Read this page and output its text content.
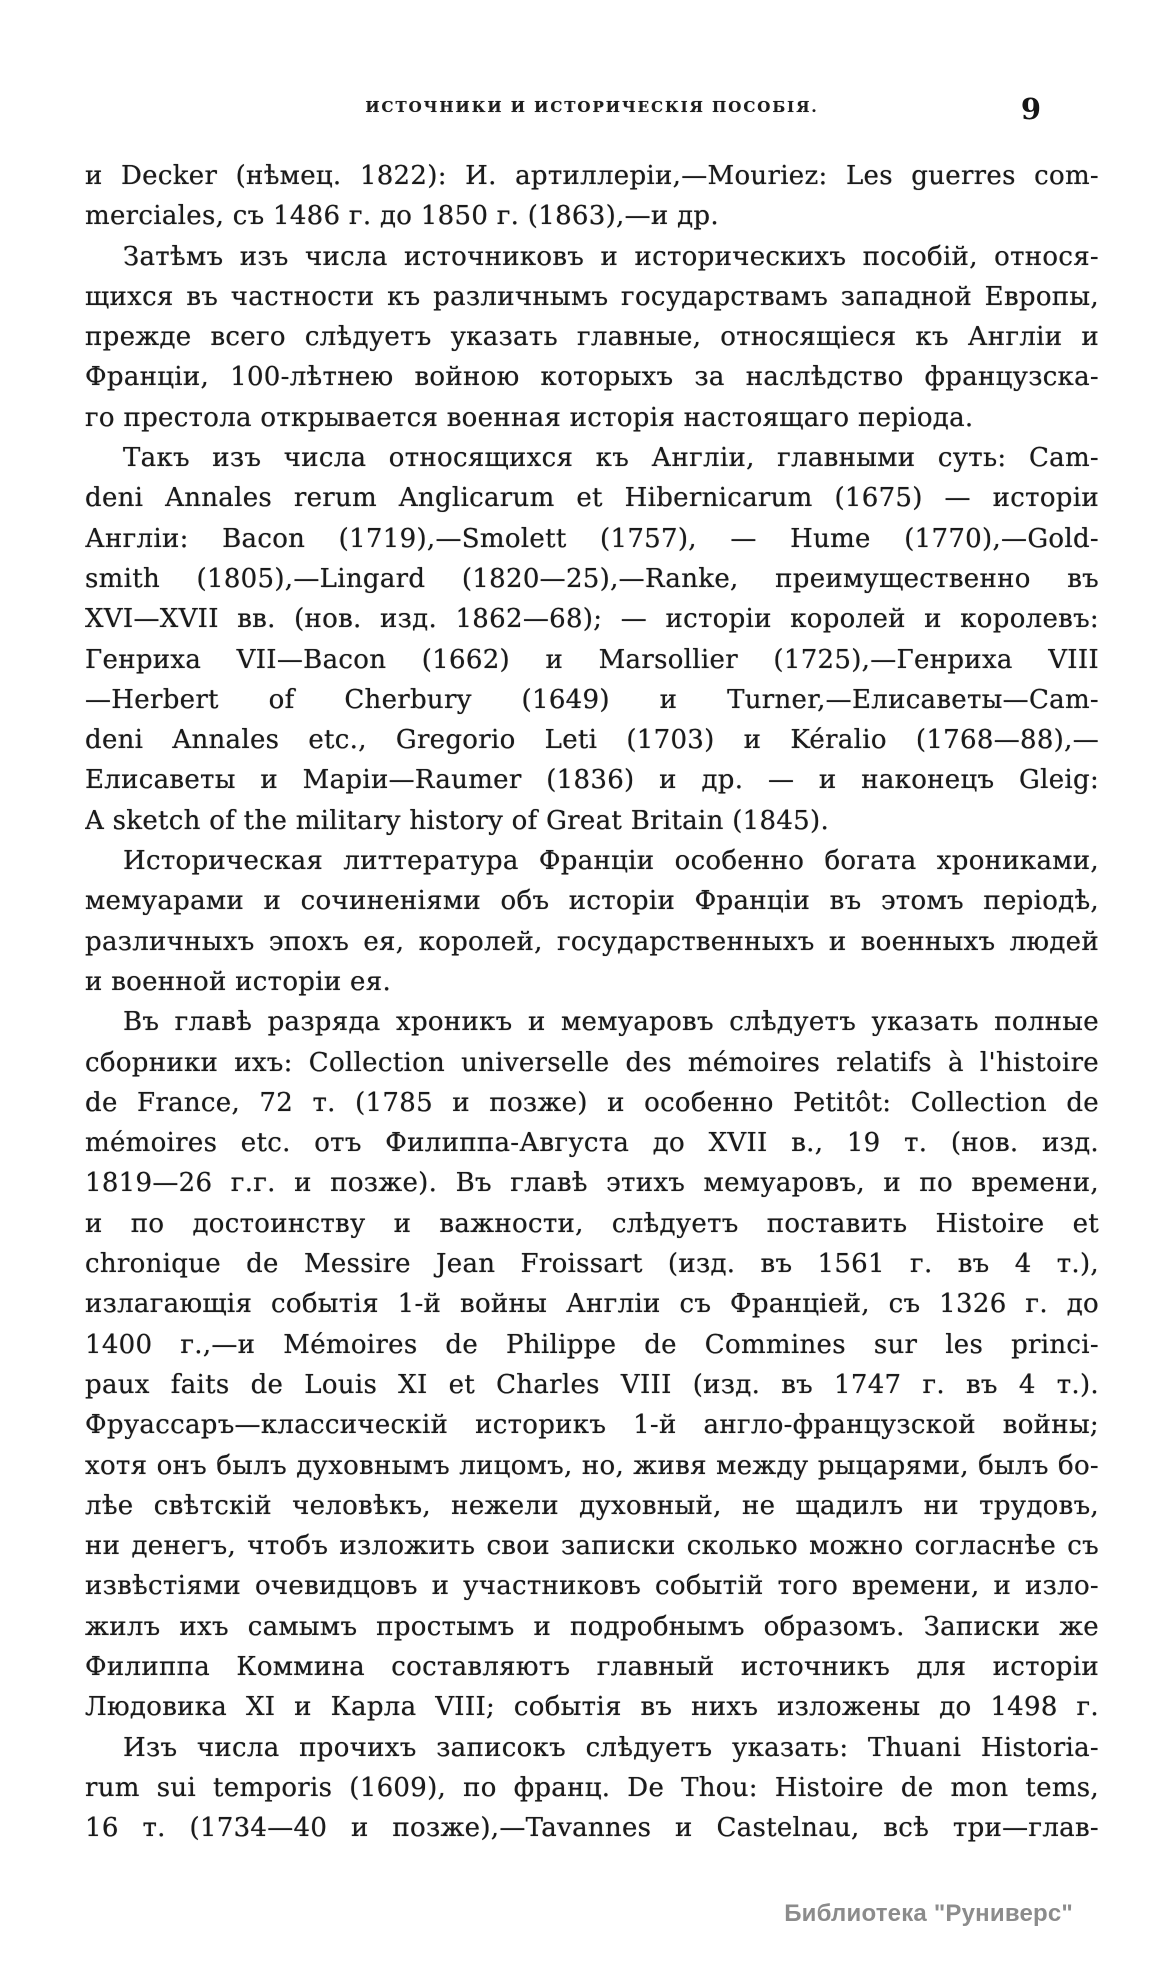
ИСТОЧНИКИ И ИСТОРИЧЕСКІЯ ПОСОБІЯ.	9
и Decker (нѣмец. 1822): И. артиллеріи,—Mouriez: Les guerres com-
merciales, съ 1486 г. до 1850 г. (1863),—и др.
Затѣмъ изъ числа источниковъ и историческихъ пособій, относя-
щихся въ частности къ различнымъ государствамъ западной Европы,
прежде всего слѣдуетъ указать главные, относящіеся къ Англіи и
Франціи, 100-лѣтнею войною которыхъ за наслѣдство французска-
го престола открывается военная исторія настоящаго періода.
Такъ изъ числа относящихся къ Англіи, главными суть: Cam-
deni Annales rerum Anglicarum et Hibernicarum (1675) — исторіи
Англіи: Bacon (1719),—Smolett (1757), — Hume (1770),—Gold-
smith (1805),—Lingard (1820—25),—Ranke, преимущественно въ
XVI—XVII вв. (нов. изд. 1862—68); — исторіи королей и королевъ:
Генриха VII—Bacon (1662) и Marsollier (1725),—Генриха VIII
—Herbert of Cherbury (1649) и Turner,—Елисаветы—Cam-
deni Annales etc., Gregorio Leti (1703) и Kéralio (1768—88),—
Елисаветы и Маріи—Raumer (1836) и др. — и наконецъ Gleig:
A sketch of the military history of Great Britain (1845).
Историческая литтература Франціи особенно богата хрониками,
мемуарами и сочиненіями объ исторіи Франціи въ этомъ періодѣ,
различныхъ эпохъ ея, королей, государственныхъ и военныхъ людей
и военной исторіи ея.
Въ главѣ разряда хроникъ и мемуаровъ слѣдуетъ указать полные
сборники ихъ: Collection universelle des mémoires relatifs à l'histoire
de France, 72 т. (1785 и позже) и особенно Petitôt: Collection de
mémoires etc. отъ Филиппа-Августа до XVII в., 19 т. (нов. изд.
1819—26 г.г. и позже). Въ главѣ этихъ мемуаровъ, и по времени,
и по достоинству и важности, слѣдуетъ поставить Histoire et
chronique de Messire Jean Froissart (изд. въ 1561 г. въ 4 т.),
излагающія событія 1-й войны Англіи съ Франціей, съ 1326 г. до
1400 г.,—и Mémoires de Philippe de Commines sur les princi-
paux faits de Louis XI et Charles VIII (изд. въ 1747 г. въ 4 т.).
Фруассаръ—классическій историкъ 1-й англо-французской войны;
хотя онъ былъ духовнымъ лицомъ, но, живя между рыцарями, былъ бо-
лѣе свѣтскій человѣкъ, нежели духовный, не щадилъ ни трудовъ,
ни денегъ, чтобъ изложить свои записки сколько можно согласнѣе съ
извѣстіями очевидцовъ и участниковъ событій того времени, и изло-
жилъ ихъ самымъ простымъ и подробнымъ образомъ. Записки же
Филиппа Коммина составляютъ главный источникъ для исторіи
Людовика XI и Карла VIII; событія въ нихъ изложены до 1498 г.
Изъ числа прочихъ записокъ слѣдуетъ указать: Thuani Historia-
rum sui temporis (1609), по франц. De Thou: Histoire de mon tems,
16 т. (1734—40 и позже),—Tavannes и Castelnau, всѣ три—глав-
Библиотека "Руниверс"
